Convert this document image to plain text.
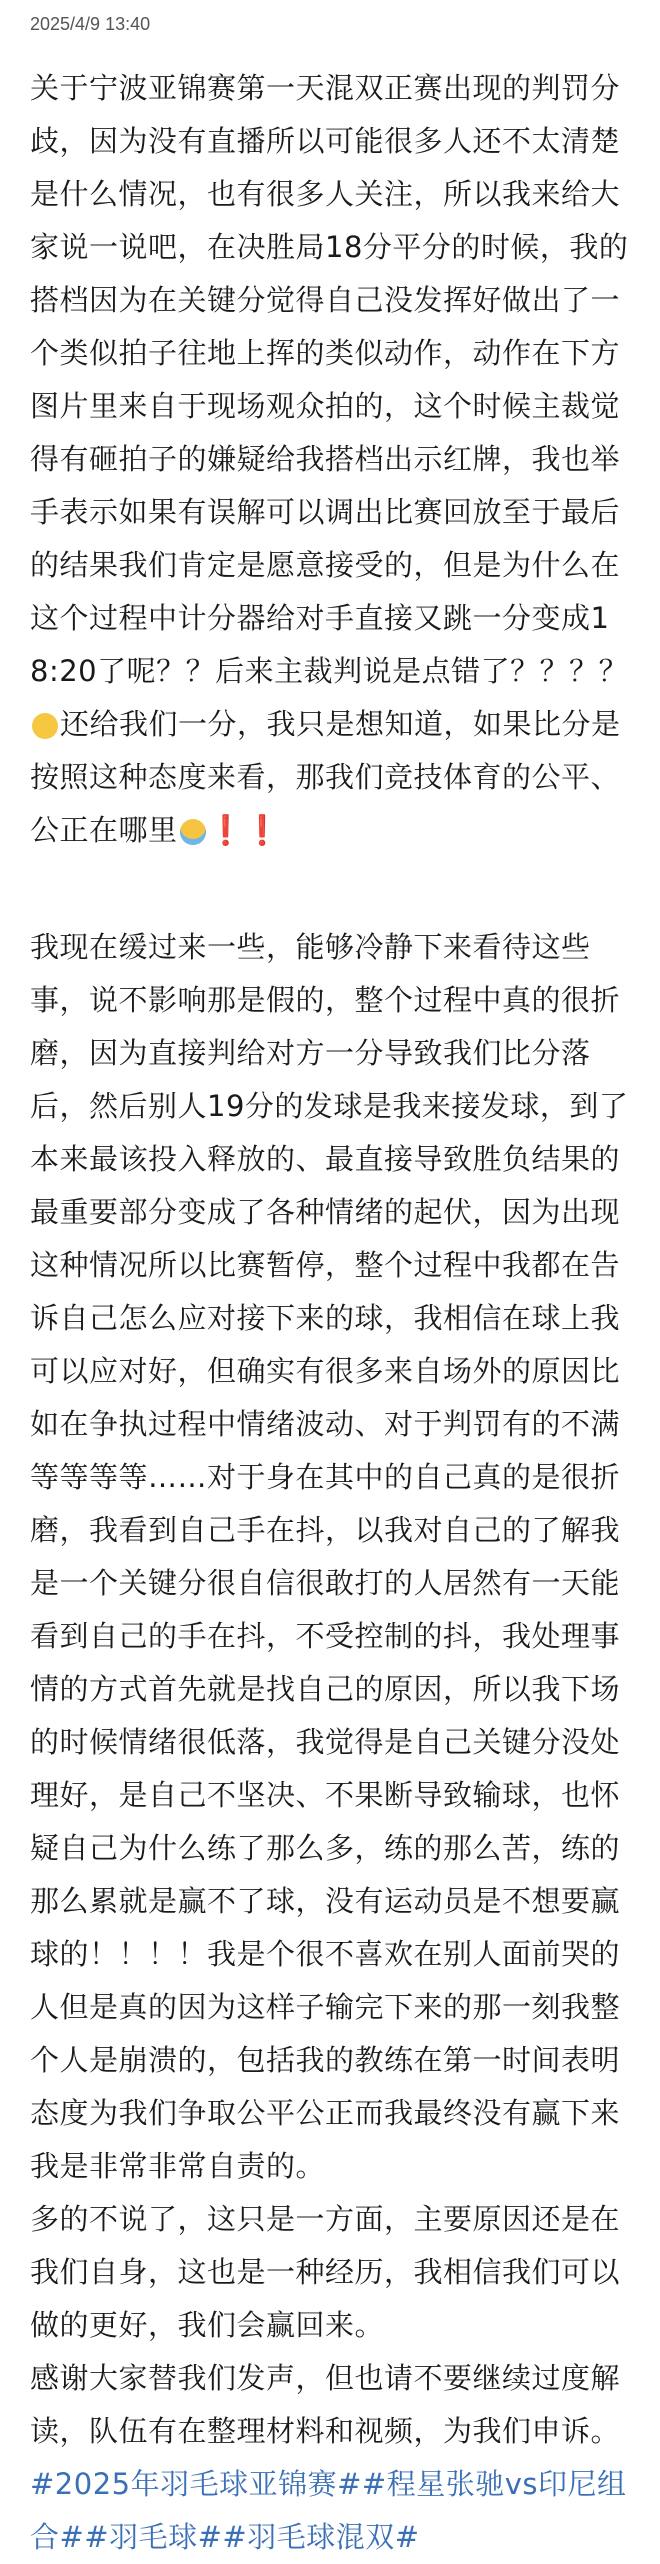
2025/4/9 13:40

关于宁波亚锦赛第一天混双正赛出现的判罚分歧，因为没有直播所以可能很多人还不太清楚是什么情况，也有很多人关注，所以我来给大家说一说吧，在决胜局18分平分的时候，我的搭档因为在关键分觉得自己没发挥好做出了一个类似拍子往地上挥的类似动作，动作在下方图片里来自于现场观众拍的，这个时候主裁觉得有砸拍子的嫌疑给我搭档出示红牌，我也举手表示如果有误解可以调出比赛回放至于最后的结果我们肯定是愿意接受的，但是为什么在这个过程中计分器给对手直接又跳一分变成18:20了呢？？后来主裁判说是点错了？？？？还给我们一分，我只是想知道，如果比分是按照这种态度来看，那我们竞技体育的公平、公正在哪里 ❗❗

我现在缓过来一些，能够冷静下来看待这些事，说不影响那是假的，整个过程中真的很折磨，因为直接判给对方一分导致我们比分落后，然后别人19分的发球是我来接发球，到了本来最该投入释放的、最直接导致胜负结果的最重要部分变成了各种情绪的起伏，因为出现这种情况所以比赛暂停，整个过程中我都在告诉自己怎么应对接下来的球，我相信在球上我可以应对好，但确实有很多来自场外的原因比如在争执过程中情绪波动、对于判罚有的不满等等等等……对于身在其中的自己真的是很折磨，我看到自己手在抖，以我对自己的了解我是一个关键分很自信很敢打的人居然有一天能看到自己的手在抖，不受控制的抖，我处理事情的方式首先就是找自己的原因，所以我下场的时候情绪很低落，我觉得是自己关键分没处理好，是自己不坚决、不果断导致输球，也怀疑自己为什么练了那么多，练的那么苦，练的那么累就是赢不了球，没有运动员是不想要赢球的！！！！我是个很不喜欢在别人面前哭的人但是真的因为这样子输完下来的那一刻我整个人是崩溃的，包括我的教练在第一时间表明态度为我们争取公平公正而我最终没有赢下来我是非常非常自责的。

多的不说了，这只是一方面，主要原因还是在我们自身，这也是一种经历，我相信我们可以做的更好，我们会赢回来。

感谢大家替我们发声，但也请不要继续过度解读，队伍有在整理材料和视频，为我们申诉。

#2025年羽毛球亚锦赛##程星张驰vs印尼组合##羽毛球##羽毛球混双#
